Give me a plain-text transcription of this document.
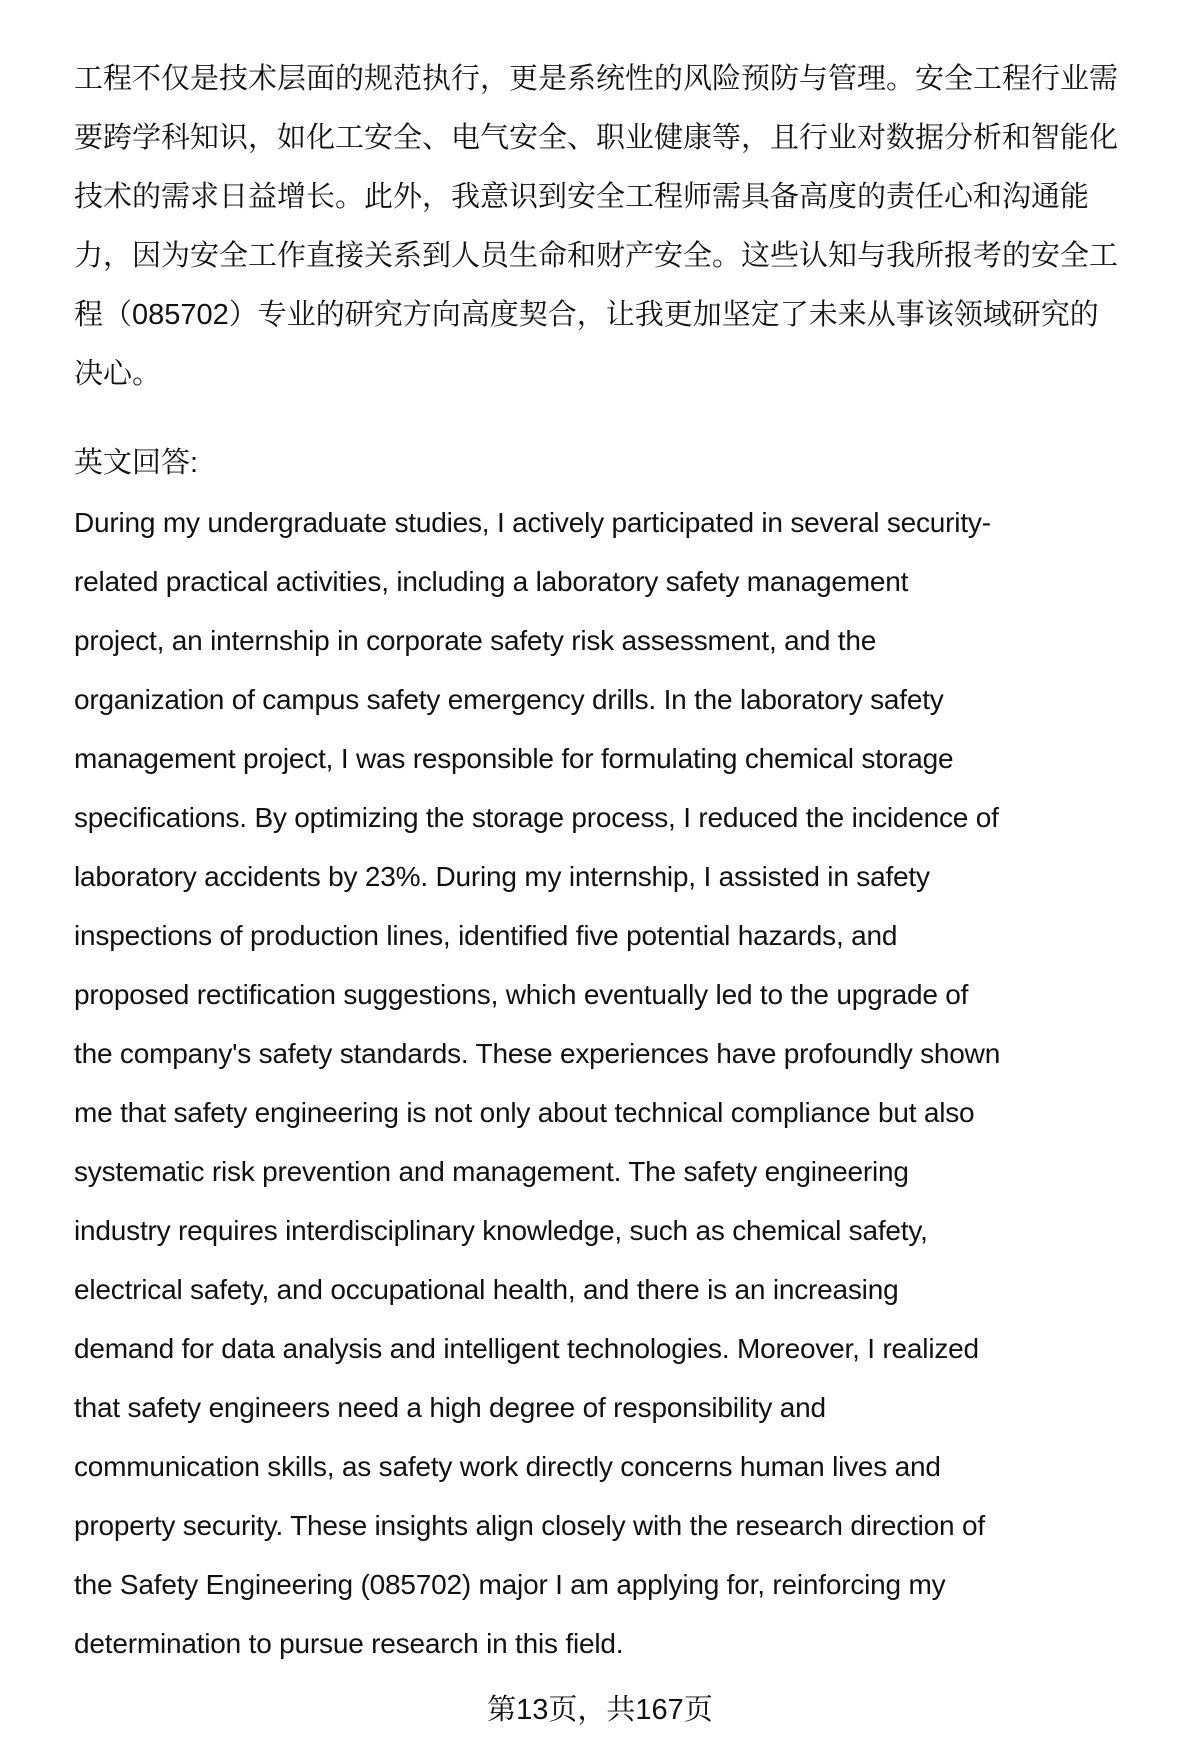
工程不仅是技术层面的规范执行，更是系统性的风险预防与管理。安全工程行业需
要跨学科知识，如化工安全、电气安全、职业健康等，且行业对数据分析和智能化
技术的需求日益增长。此外，我意识到安全工程师需具备高度的责任心和沟通能
力，因为安全工作直接关系到人员生命和财产安全。这些认知与我所报考的安全工
程（085702）专业的研究方向高度契合，让我更加坚定了未来从事该领域研究的
决心。
英文回答:
During my undergraduate studies, I actively participated in several security-
related practical activities, including a laboratory safety management
project, an internship in corporate safety risk assessment, and the
organization of campus safety emergency drills. In the laboratory safety
management project, I was responsible for formulating chemical storage
specifications. By optimizing the storage process, I reduced the incidence of
laboratory accidents by 23%. During my internship, I assisted in safety
inspections of production lines, identified five potential hazards, and
proposed rectification suggestions, which eventually led to the upgrade of
the company's safety standards. These experiences have profoundly shown
me that safety engineering is not only about technical compliance but also
systematic risk prevention and management. The safety engineering
industry requires interdisciplinary knowledge, such as chemical safety,
electrical safety, and occupational health, and there is an increasing
demand for data analysis and intelligent technologies. Moreover, I realized
that safety engineers need a high degree of responsibility and
communication skills, as safety work directly concerns human lives and
property security. These insights align closely with the research direction of
the Safety Engineering (085702) major I am applying for, reinforcing my
determination to pursue research in this field.
第13页，共167页
